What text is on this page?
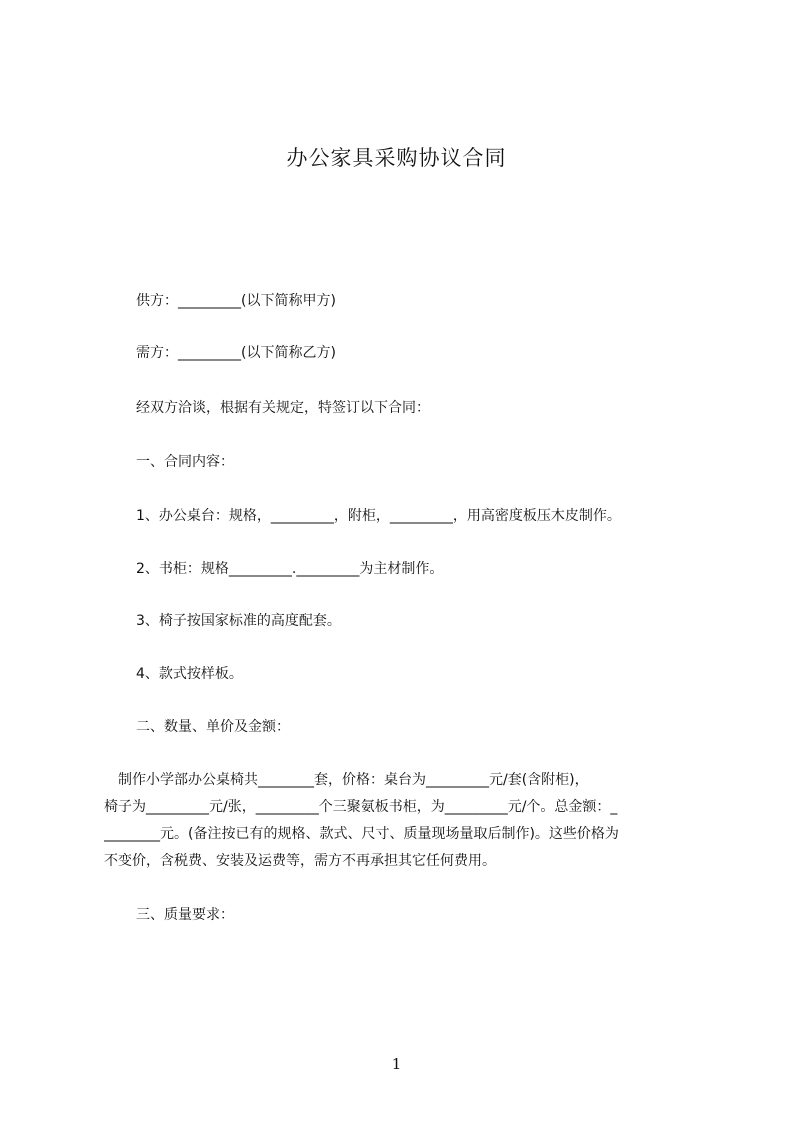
办公家具采购协议合同
供方：_________(以下简称甲方)
需方：_________(以下简称乙方)
经双方洽谈，根据有关规定，特签订以下合同：
一、合同内容：
1、办公桌台：规格，_________，附柜，_________，用高密度板压木皮制作。
2、书柜：规格_________._________为主材制作。
3、椅子按国家标准的高度配套。
4、款式按样板。
二、数量、单价及金额：
　制作小学部办公桌椅共________套，价格：桌台为_________元/套(含附柜)，
椅子为_________元/张，_________个三聚氨板书柜，为_________元/个。总金额：_
________元。(备注按已有的规格、款式、尺寸、质量现场量取后制作)。这些价格为
不变价，含税费、安装及运费等，需方不再承担其它任何费用。
三、质量要求：
1
